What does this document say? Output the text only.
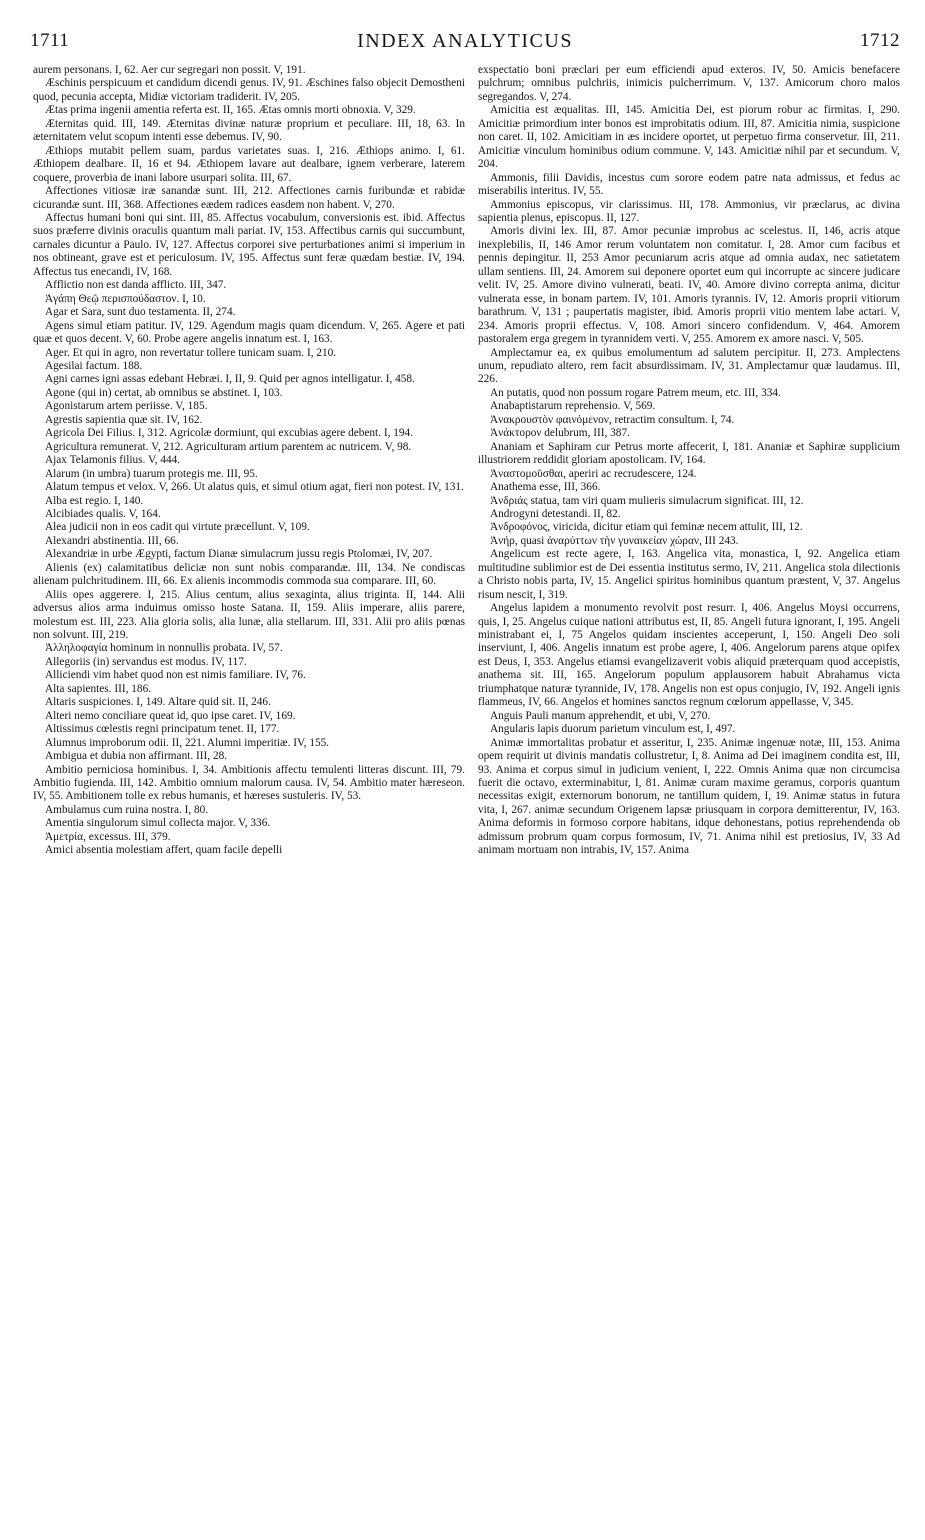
1711	INDEX ANALYTICUS	1712

aurem personans. I, 62. Aer cur segregari non possit. V, 191.

Æschinis perspicuum et candidum dicendi genus. IV, 91. Æschines falso objecit Demostheni quod, pecunia accepta, Midiæ victoriam tradiderit. IV, 205.

Ætas prima ingenii amentia referta est. II, 165. Ætas omnis morti obnoxia. V, 329.

Æternitas quid. III, 149. Æternitas divinæ naturæ proprium et peculiare. III, 18, 63. In æternitatem velut scopum intenti esse debemus. IV, 90.

Æthiops mutabit pellem suam, pardus varietates suas. I, 216. Æthiops animo. I, 61. Æthiopem dealbare. II, 16 et 94. Æthiopem lavare aut dealbare, ignem verberare, laterem coquere, proverbia de inani labore usurpari solita. III, 67.

Affectiones vitiosæ iræ sanandæ sunt. III, 212. Affectiones carnis furibundæ et rabidæ cicurandæ sunt. III, 368. Affectiones eædem radices easdem non habent. V, 270.

Affectus humani boni qui sint. III, 85. Affectus vocabulum, conversionis est. ibid. Affectus suos præferre divinis oraculis quantum mali pariat. IV, 153. Affectibus carnis qui succumbunt, carnales dicuntur a Paulo. IV, 127. Affectus corporei sive perturbationes animi si imperium in nos obtineant, grave est et periculosum. IV, 195. Affectus sunt feræ quædam bestiæ. IV, 194. Affectus tus enecandi, IV, 168.

Afflictio non est danda afflicto. III, 347.

Ἀγάπη Θεῷ περισπούδαστον. I, 10.

Agar et Sara, sunt duo testamenta. II, 274.

Agens simul etiam patitur. IV, 129. Agendum magis quam dicendum. V, 265. Agere et pati quæ et quos decent. V, 60. Probe agere angelis innatum est. I, 163.

Ager. Et qui in agro, non revertatur tollere tunicam suam. I, 210.

Agesilai factum. 188.

Agni carnes igni assas edebant Hebræi. I, II, 9. Quid per agnos intelligatur. I, 458.

Agone (qui in) certat, ab omnibus se abstinet. I, 103.

Agonistarum artem periisse. V, 185.

Agrestis sapientia quæ sit. IV, 162.

Agricola Dei Filius. I, 312. Agricolæ dormiunt, qui excubias agere debent. I, 194.

Agricultura remunerat. V, 212. Agriculturam artium parentem ac nutricem. V, 98.

Ajax Telamonis filius. V, 444.

Alarum (in umbra) tuarum protegis me. III, 95.

Alatum tempus et velox. V, 266. Ut alatus quis, et simul otium agat, fieri non potest. IV, 131.

Alba est regio. I, 140.

Alcibiades qualis. V, 164.

Alea judicii non in eos cadit qui virtute præcellunt. V, 109.

Alexandri abstinentia. III, 66.

Alexandriæ in urbe Ægypti, factum Dianæ simulacrum jussu regis Ptolomæi, IV, 207.

Alienis (ex) calamitatibus deliciæ non sunt nobis comparandæ. III, 134. Ne condiscas alienam pulchritudinem. III, 66. Ex alienis incommodis commoda sua comparare. III, 60.

Aliis opes aggerere. I, 215. Alius centum, alius sexaginta, alius triginta. II, 144. Alii adversus alios arma induimus omisso hoste Satana. II, 159. Aliis imperare, aliis parere, molestum est. III, 223. Alia gloria solis, alia lunæ, alia stellarum. III, 331. Alii pro aliis pœnas non solvunt. III, 219.

Ἀλληλοφαγία hominum in nonnullis probata. IV, 57.

Allegoriis (in) servandus est modus. IV, 117.

Alliciendi vim habet quod non est nimis familiare. IV, 76.

Alta sapientes. III, 186.

Altaris suspiciones. I, 149. Altare quid sit. II, 246.

Alteri nemo conciliare queat id, quo ipse caret. IV, 169.

Altissimus cœlestis regni principatum tenet. II, 177.

Alumnus improborum odii. II, 221. Alumni imperitiæ. IV, 155.

Ambigua et dubia non affirmant. III, 28.

Ambitio perniciosa hominibus. I, 34. Ambitionis affectu temulenti litteras discunt. III, 79. Ambitio fugienda. III, 142. Ambitio omnium malorum causa. IV, 54. Ambitio mater hæreseon. IV, 55. Ambitionem tolle ex rebus humanis, et hæreses sustuleris. IV, 53.

Ambulamus cum ruina nostra. I, 80.

Amentia singulorum simul collecta major. V, 336.

Ἀμετρία, excessus. III, 379.

Amici absentia molestiam affert, quam facile depelli

exspectatio boni præclari per eum efficiendi apud exteros. IV, 50. Amicis benefacere pulchrum; omnibus pulchriis, inimicis pulcherrimum. V, 137. Amicorum choro malos segregandos. V, 274.

Amicitia est æqualitas. III, 145. Amicitia Dei, est piorum robur ac firmitas. I, 290. Amicitiæ primordium inter bonos est improbitatis odium. III, 87. Amicitia nimia, suspicione non caret. II, 102. Amicitiam in æs incidere oportet, ut perpetuo firma conservetur. III, 211. Amicitiæ vinculum hominibus odium commune. V, 143. Amicitiæ nihil par et secundum. V, 204.

Ammonis, filii Davidis, incestus cum sorore eodem patre nata admissus, et fedus ac miserabilis interitus. IV, 55.

Ammonius episcopus, vir clarissimus. III, 178. Ammonius, vir præclarus, ac divina sapientia plenus, episcopus. II, 127.

Amoris divini lex. III, 87. Amor pecuniæ improbus ac scelestus. II, 146, acris atque inexplebilis, II, 146 Amor rerum voluntatem non comitatur. I, 28. Amor cum facibus et pennis depingitur. II, 253 Amor pecuniarum acris atque ad omnia audax, nec satietatem ullam sentiens. III, 24. Amorem sui deponere oportet eum qui incorrupte ac sincere judicare velit. IV, 25. Amore divino vulnerati, beati. IV, 40. Amore divino correpta anima, dicitur vulnerata esse, in bonam partem. IV, 101. Amoris tyrannis. IV, 12. Amoris proprii vitiorum barathrum. V, 131 ; paupertatis magister, ibid. Amoris proprii vitio mentem labe actari. V, 234. Amoris proprii effectus. V, 108. Amori sincero confidendum. V, 464. Amorem pastoralem erga gregem in tyrannidem verti. V, 255. Amorem ex amore nasci. V, 505.

Amplectamur ea, ex quibus emolumentum ad salutem percipitur. II, 273. Amplectens unum, repudiato altero, rem facit absurdissimam. IV, 31. Amplectamur quæ laudamus. III, 226.

An putatis, quod non possum rogare Patrem meum, etc. III, 334.

Anabaptistarum reprehensio. V, 569.

Ἀνακρουστὸν φαινόμενον, retractim consultum. I, 74.

Ἀνάκτορον delubrum, III, 387.

Ananiam et Saphiram cur Petrus morte affecerit, I, 181. Ananiæ et Saphiræ supplicium illustriorem reddidit gloriam apostolicam. IV, 164.

Ἀναστομοῦσθαι, aperiri ac recrudescere, 124.

Anathema esse, III, 366.

Ἀνδριάς statua, tam viri quam mulieris simulacrum significat. III, 12.

Androgyni detestandi. II, 82.

Ἀνδροφόνος, viricida, dicitur etiam qui feminæ necem attulit, III, 12.

Ἀνήρ, quasi ἀναρύττων τὴν γυναικείαν χώραν, III 243.

Angelicum est recte agere, I, 163. Angelica vita, monastica, I, 92. Angelica etiam multitudine sublimior est de Dei essentia institutus sermo, IV, 211. Angelica stola dilectionis a Christo nobis parta, IV, 15. Angelici spiritus hominibus quantum præstent, V, 37. Angelus risum nescit, I, 319.

Angelus lapidem a monumento revolvit post resurr. I, 406. Angelus Moysi occurrens, quis, I, 25. Angelus cuique nationi attributus est, II, 85. Angeli futura ignorant, I, 195. Angeli ministrabant ei, I, 75 Angelos quidam inscientes acceperunt, I, 150. Angeli Deo soli inserviunt, I, 406. Angelis innatum est probe agere, I, 406. Angelorum parens atque opifex est Deus, I, 353. Angelus etiamsi evangelizaverit vobis aliquid præterquam quod accepistis, anathema sit. III, 165. Angelorum populum applausorem habuit Abrahamus victa triumphatque naturæ tyrannide, IV, 178. Angelis non est opus conjugio, IV, 192. Angeli ignis flammeus, IV, 66. Angelos et homines sanctos regnum cœlorum appellasse, V, 345.

Anguis Pauli manum apprehendit, et ubi, V, 270.

Angularis lapis duorum parietum vinculum est, I, 497.

Animæ immortalitas probatur et asseritur, I, 235. Animæ ingenuæ notæ, III, 153. Anima opem requirit ut divinis mandatis collustretur, I, 8. Anima ad Dei imaginem condita est, III, 93. Anima et corpus simul in judicium venient, I, 222. Omnis Anima quæ non circumcisa fuerit die octavo, exterminabitur, I, 81. Animæ curam maxime geramus, corporis quantum necessitas exigit, externorum bonorum, ne tantillum quidem, I, 19. Animæ status in futura vita, I, 267. animæ secundum Origenem lapsæ priusquam in corpora demitterentur, IV, 163. Anima deformis in formoso corpore habitans, idque dehonestans, potius reprehendenda ob admissum probrum quam corpus formosum, IV, 71. Anima nihil est pretiosius, IV, 33 Ad animam mortuam non intrabis, IV, 157. Anima
